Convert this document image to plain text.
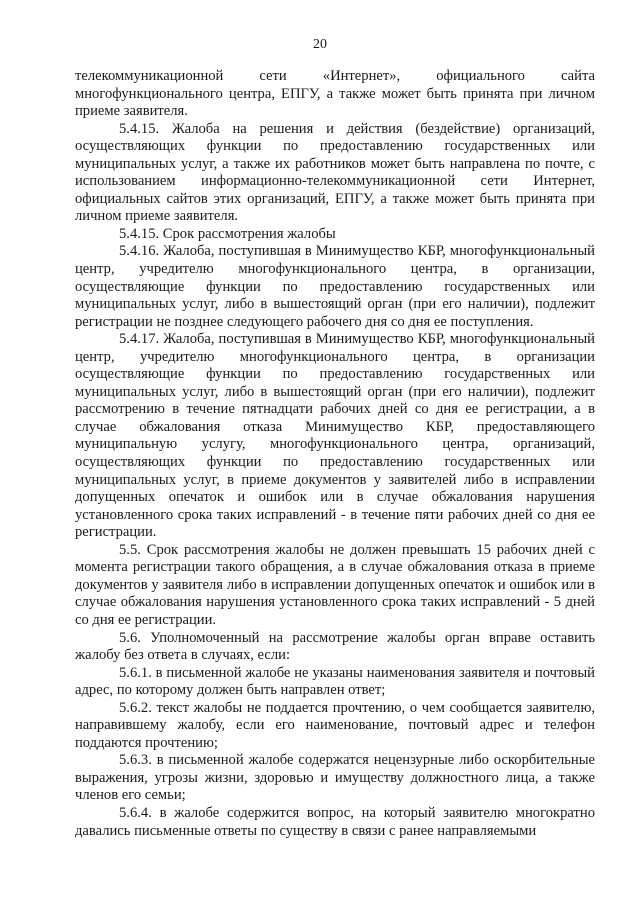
20

телекоммуникационной сети «Интернет», официального сайта многофункционального центра, ЕПГУ, а также может быть принята при личном приеме заявителя.

5.4.15. Жалоба на решения и действия (бездействие) организаций, осуществляющих функции по предоставлению государственных или муниципальных услуг, а также их работников может быть направлена по почте, с использованием информационно-телекоммуникационной сети Интернет, официальных сайтов этих организаций, ЕПГУ, а также может быть принята при личном приеме заявителя.

5.4.15. Срок рассмотрения жалобы

5.4.16. Жалоба, поступившая в Минимущество КБР, многофункциональный центр, учредителю многофункционального центра, в организации, осуществляющие функции по предоставлению государственных или муниципальных услуг, либо в вышестоящий орган (при его наличии), подлежит регистрации не позднее следующего рабочего дня со дня ее поступления.

5.4.17. Жалоба, поступившая в Минимущество КБР, многофункциональный центр, учредителю многофункционального центра, в организации осуществляющие функции по предоставлению государственных или муниципальных услуг, либо в вышестоящий орган (при его наличии), подлежит рассмотрению в течение пятнадцати рабочих дней со дня ее регистрации, а в случае обжалования отказа Минимущество КБР, предоставляющего муниципальную услугу, многофункционального центра, организаций, осуществляющих функции по предоставлению государственных или муниципальных услуг, в приеме документов у заявителей либо в исправлении допущенных опечаток и ошибок или в случае обжалования нарушения установленного срока таких исправлений - в течение пяти рабочих дней со дня ее регистрации.

5.5. Срок рассмотрения жалобы не должен превышать 15 рабочих дней с момента регистрации такого обращения, а в случае обжалования отказа в приеме документов у заявителя либо в исправлении допущенных опечаток и ошибок или в случае обжалования нарушения установленного срока таких исправлений - 5 дней со дня ее регистрации.

5.6. Уполномоченный на рассмотрение жалобы орган вправе оставить жалобу без ответа в случаях, если:

5.6.1. в письменной жалобе не указаны наименования заявителя и почтовый адрес, по которому должен быть направлен ответ;

5.6.2. текст жалобы не поддается прочтению, о чем сообщается заявителю, направившему жалобу, если его наименование, почтовый адрес и телефон поддаются прочтению;

5.6.3. в письменной жалобе содержатся нецензурные либо оскорбительные выражения, угрозы жизни, здоровью и имуществу должностного лица, а также членов его семьи;

5.6.4. в жалобе содержится вопрос, на который заявителю многократно давались письменные ответы по существу в связи с ранее направляемыми
